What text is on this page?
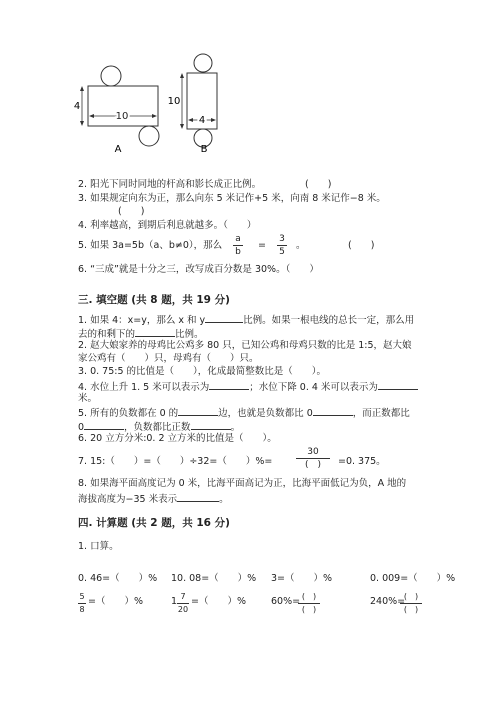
4
10
A
10
4
B
2. 阳光下同时同地的杆高和影长成正比例。	(　　)
3. 如果规定向东为正，那么向东 5 米记作+5 米，向南 8 米记作−8 米。
(　　)
4. 利率越高，到期后利息就越多。（　　）
5. 如果 3a=5b（a、b≠0），那么
a
b
=
3
5
。	(　　)
6. “三成”就是十分之三，改写成百分数是 30%。（　　）
三. 填空题 (共 8 题，共 19 分)
1. 如果 4：x=y，那么 x 和 y	比例。如果一根电线的总长一定，那么用
去的和剩下的	比例。
2. 赵大娘家养的母鸡比公鸡多 80 只，已知公鸡和母鸡只数的比是 1:5，赵大娘
家公鸡有（　　）只，母鸡有（　　）只。
3. 0. 75:5 的比值是（　　），化成最简整数比是（　　）。
4. 水位上升 1. 5 米可以表示为	；水位下降 0. 4 米可以表示为
米。
5. 所有的负数都在 0 的	边，也就是负数都比 0	，而正数都比
0	，负数都比正数	。
6. 20 立方分米:0. 2 立方米的比值是（　　）。
7. 15:（　　）=（　　）÷32=（　　）%=
30
(　)	=0. 375。
8. 如果海平面高度记为 0 米，比海平面高记为正，比海平面低记为负，A 地的
海拔高度为−35 米表示	。
四. 计算题 (共 2 题，共 16 分)
1. 口算。
0. 46=（　　）% 10. 08=（　　）% 3=（　　）%	0. 009=（　　）%
5
8
=（　　）%	1 7
20
=（　　）%	60%= (　)
(　)
240%=
(　)
(　)
